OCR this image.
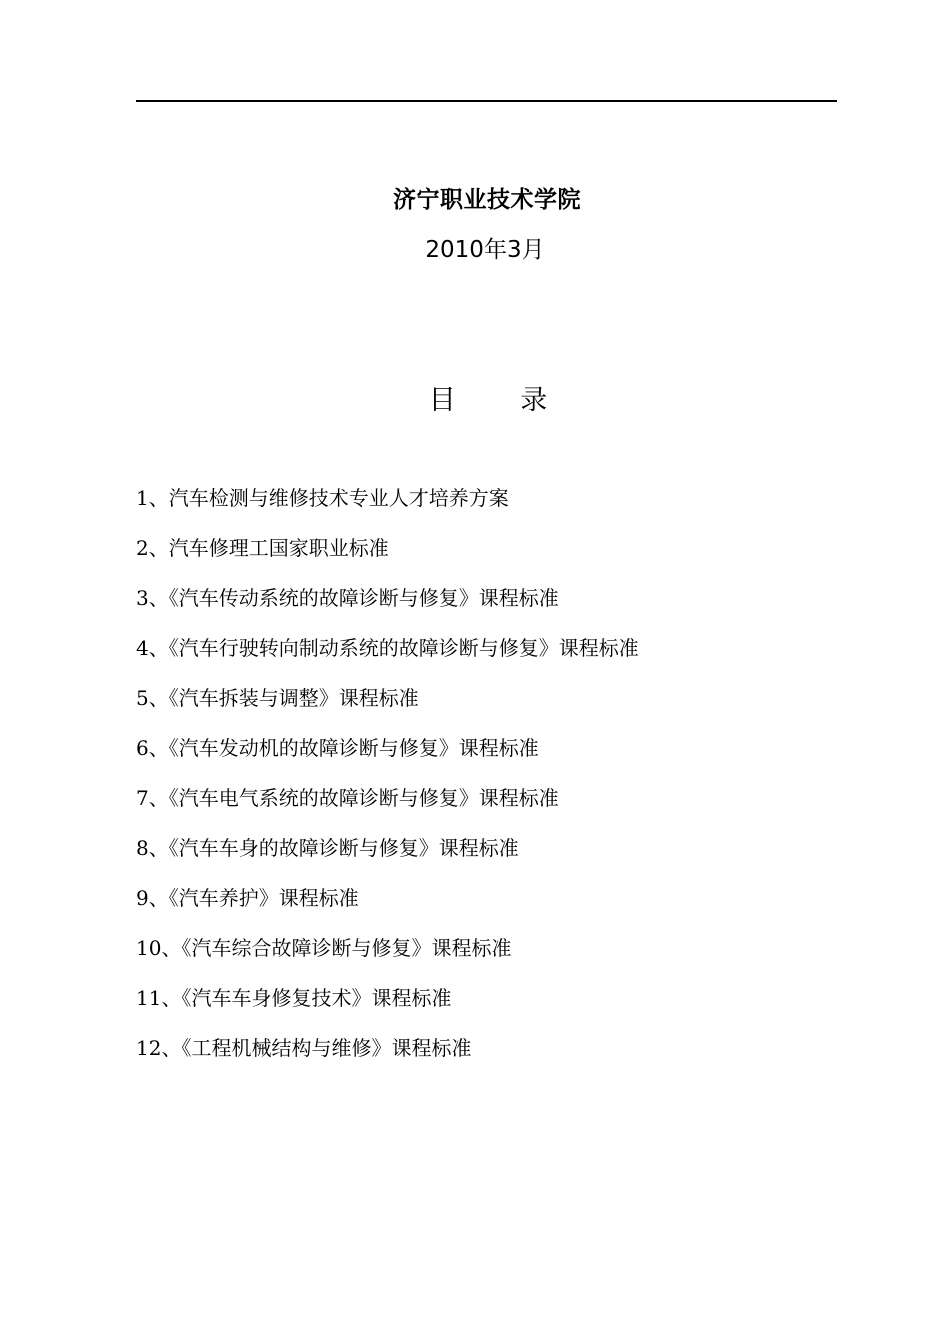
济宁职业技术学院
2010年3月
目 录
1、汽车检测与维修技术专业人才培养方案
2、汽车修理工国家职业标准
3、《汽车传动系统的故障诊断与修复》课程标准
4、《汽车行驶转向制动系统的故障诊断与修复》课程标准
5、《汽车拆装与调整》课程标准
6、《汽车发动机的故障诊断与修复》课程标准
7、《汽车电气系统的故障诊断与修复》课程标准
8、《汽车车身的故障诊断与修复》课程标准
9、《汽车养护》课程标准
10、《汽车综合故障诊断与修复》课程标准
11、《汽车车身修复技术》课程标准
12、《工程机械结构与维修》课程标准
